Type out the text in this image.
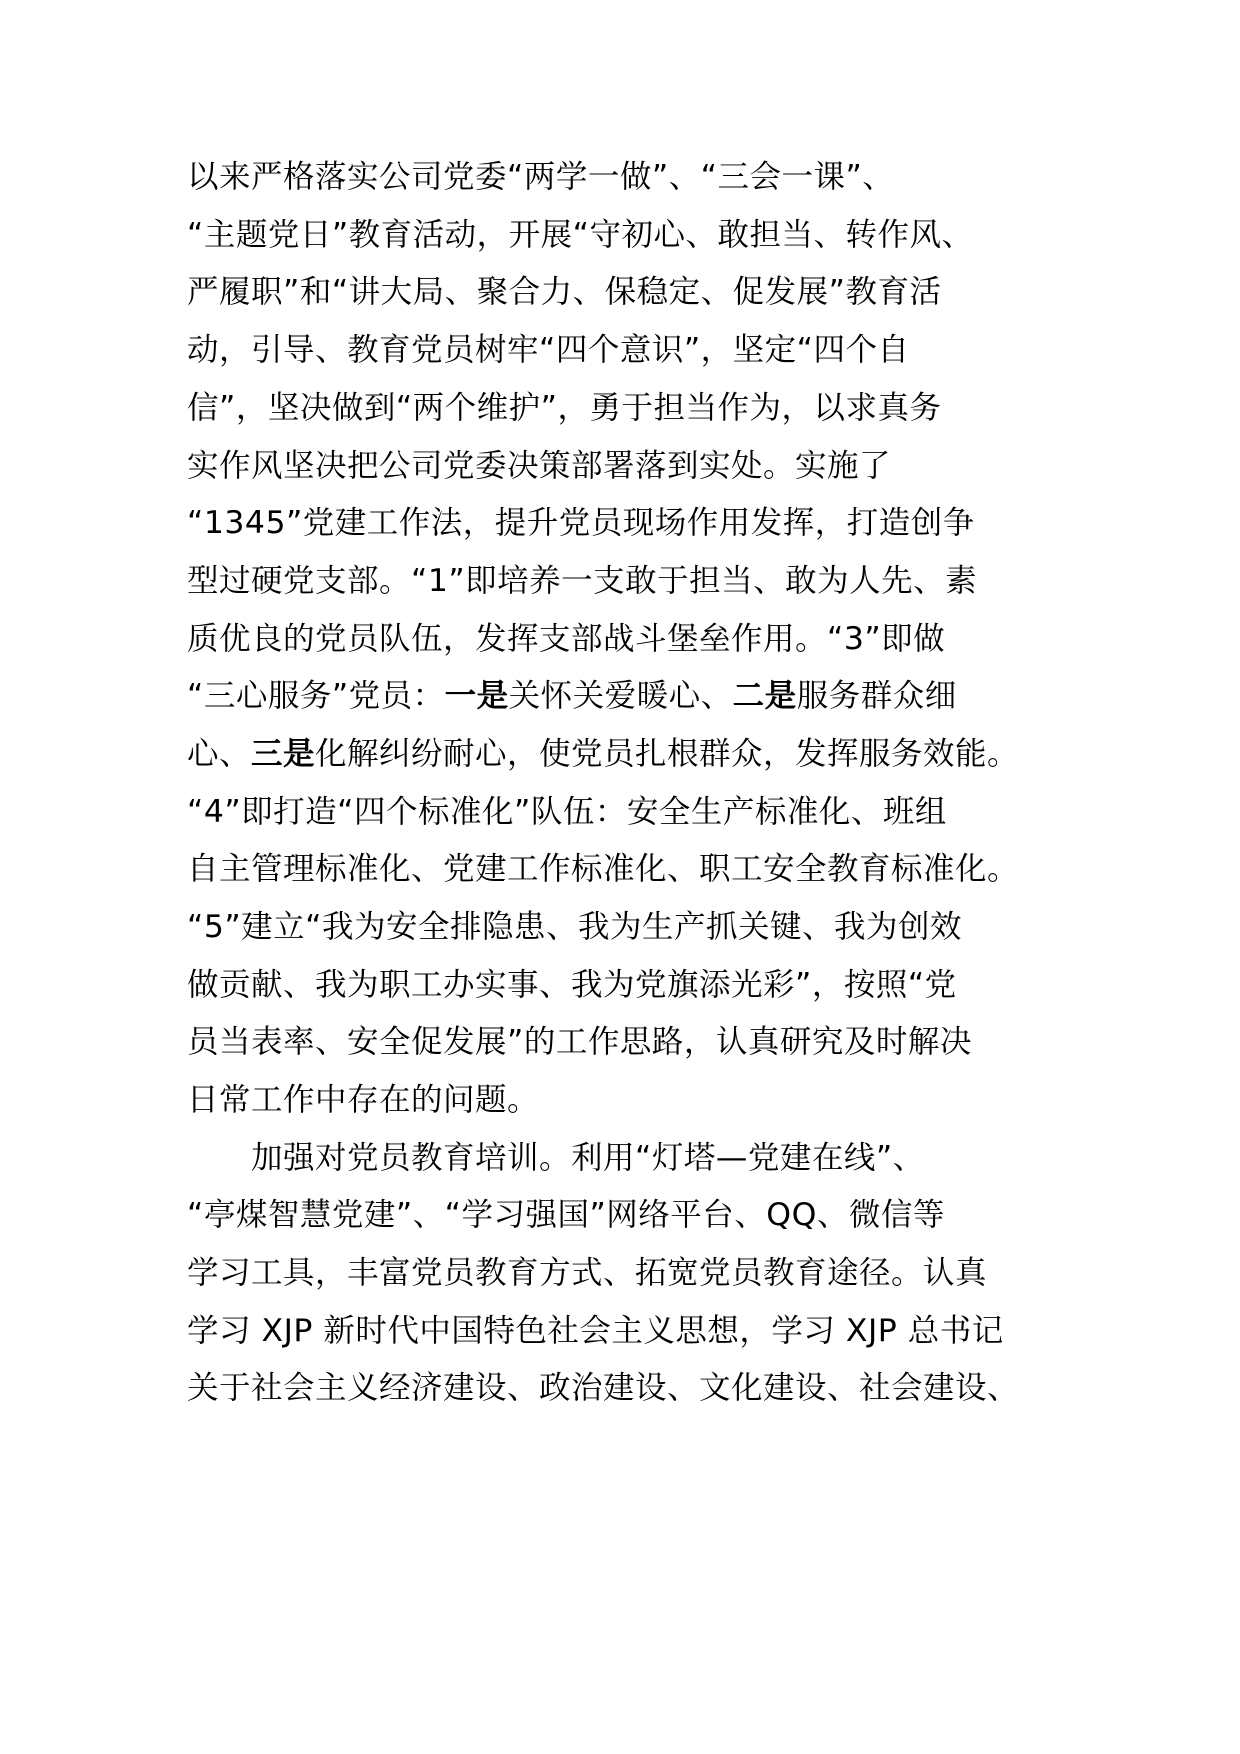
以来严格落实公司党委“两学一做”、“三会一课”、
“主题党日”教育活动，开展“守初心、敢担当、转作风、
严履职”和“讲大局、聚合力、保稳定、促发展”教育活
动，引导、教育党员树牢“四个意识”，坚定“四个自
信”，坚决做到“两个维护”，勇于担当作为，以求真务
实作风坚决把公司党委决策部署落到实处。实施了
“1345”党建工作法，提升党员现场作用发挥，打造创争
型过硬党支部。“1”即培养一支敢于担当、敢为人先、素
质优良的党员队伍，发挥支部战斗堡垒作用。“3”即做
“三心服务”党员：一是关怀关爱暖心、二是服务群众细
心、三是化解纠纷耐心，使党员扎根群众，发挥服务效能。
“4”即打造“四个标准化”队伍：安全生产标准化、班组
自主管理标准化、党建工作标准化、职工安全教育标准化。
“5”建立“我为安全排隐患、我为生产抓关键、我为创效
做贡献、我为职工办实事、我为党旗添光彩”，按照“党
员当表率、安全促发展”的工作思路，认真研究及时解决
日常工作中存在的问题。
加强对党员教育培训。利用“灯塔—党建在线”、
“亭煤智慧党建”、“学习强国”网络平台、QQ、微信等
学习工具，丰富党员教育方式、拓宽党员教育途径。认真
学习 XJP 新时代中国特色社会主义思想，学习 XJP 总书记
关于社会主义经济建设、政治建设、文化建设、社会建设、
